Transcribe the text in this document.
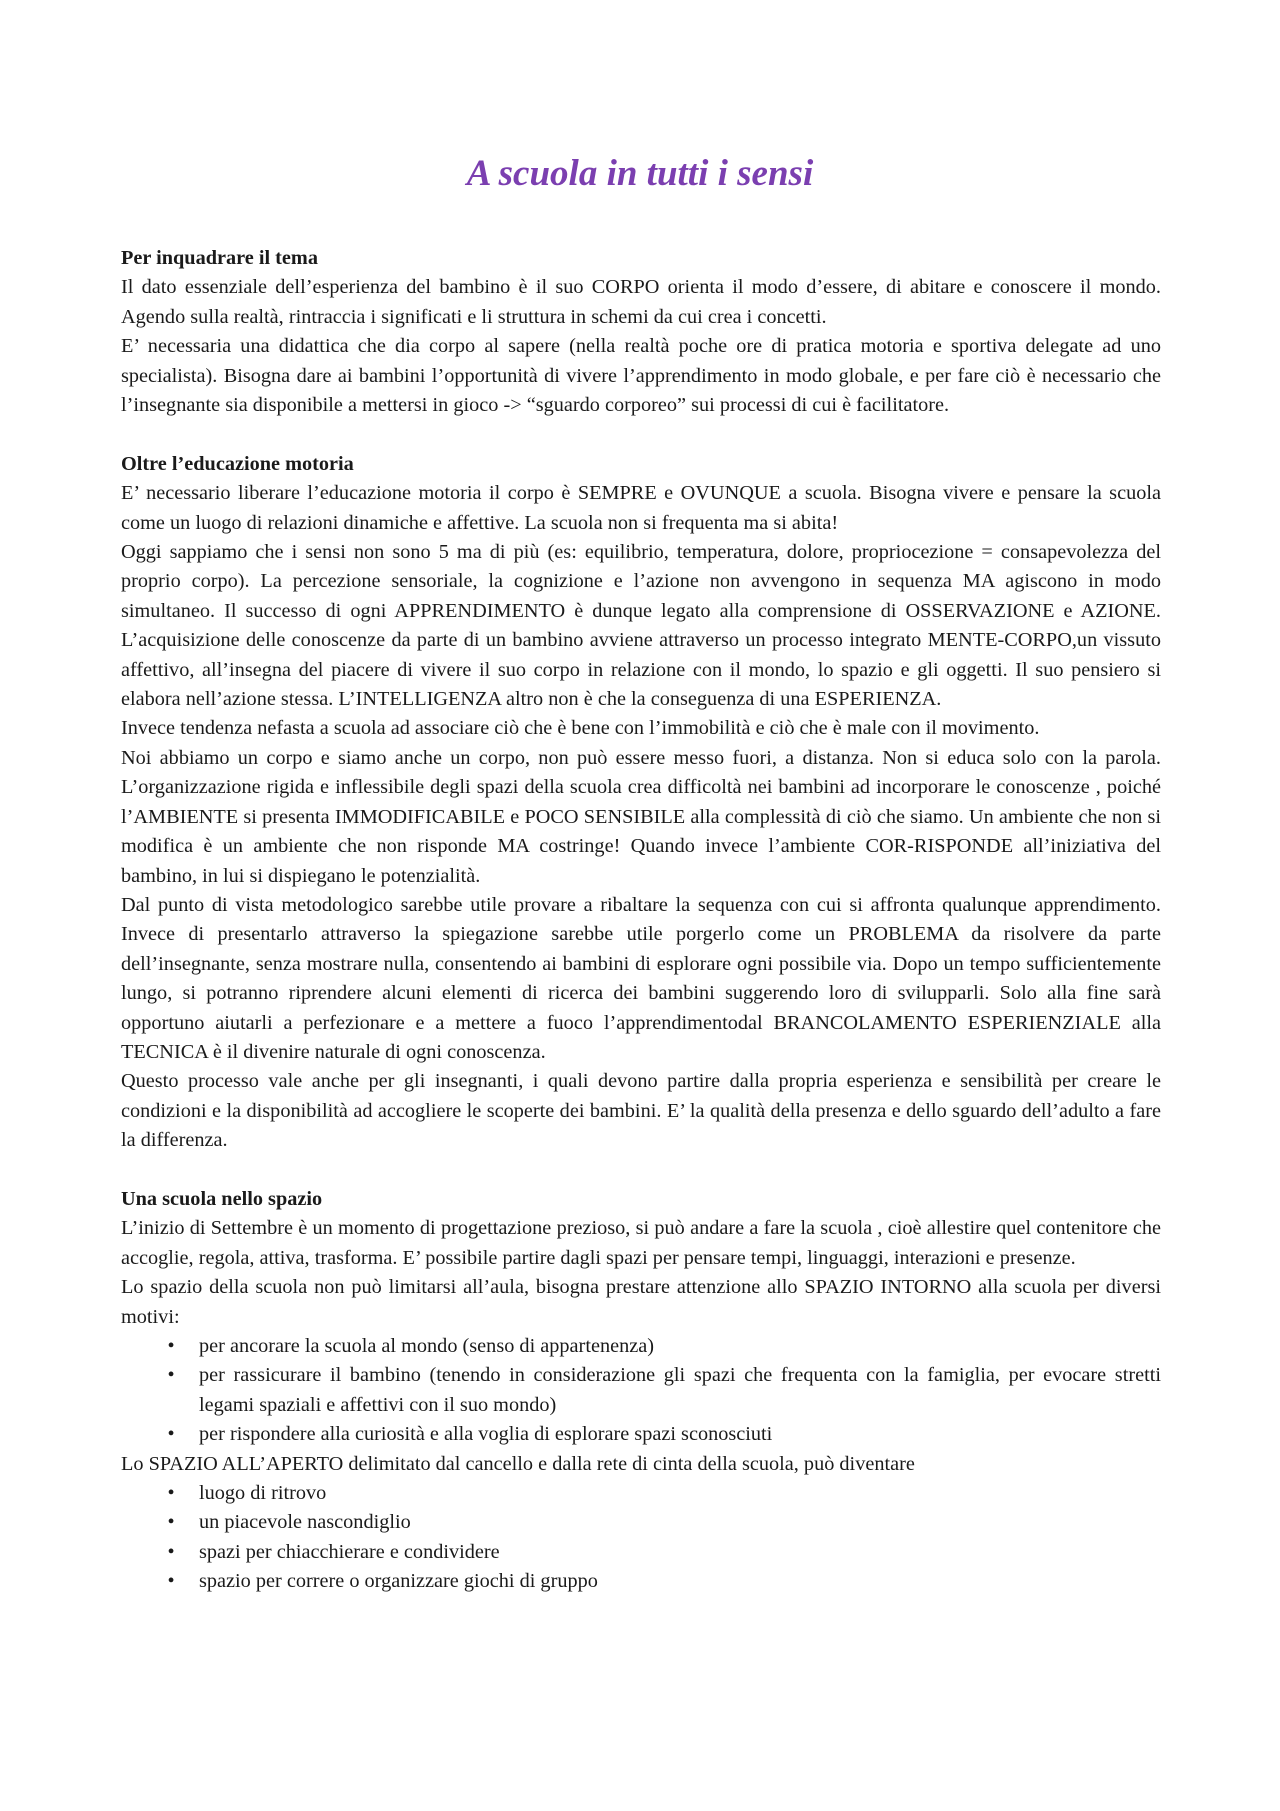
A scuola in tutti i sensi

Per inquadrare il tema

Il dato essenziale dell’esperienza del bambino è il suo CORPO orienta il modo d’essere, di abitare e conoscere il mondo. Agendo sulla realtà, rintraccia i significati e li struttura in schemi da cui crea i concetti.

E’ necessaria una didattica che dia corpo al sapere (nella realtà poche ore di pratica motoria e sportiva delegate ad uno specialista). Bisogna dare ai bambini l’opportunità di vivere l’apprendimento in modo globale, e per fare ciò è necessario che l’insegnante sia disponibile a mettersi in gioco -> “sguardo corporeo” sui processi di cui è facilitatore.

Oltre l’educazione motoria

E’ necessario liberare l’educazione motoria il corpo è SEMPRE e OVUNQUE a scuola. Bisogna vivere e pensare la scuola come un luogo di relazioni dinamiche e affettive. La scuola non si frequenta ma si abita!

Oggi sappiamo che i sensi non sono 5 ma di più (es: equilibrio, temperatura, dolore, propriocezione = consapevolezza del proprio corpo). La percezione sensoriale, la cognizione e l’azione non avvengono in sequenza MA agiscono in modo simultaneo. Il successo di ogni APPRENDIMENTO è dunque legato alla comprensione di OSSERVAZIONE e AZIONE. L’acquisizione delle conoscenze da parte di un bambino avviene attraverso un processo integrato MENTE-CORPO,un vissuto affettivo, all’insegna del piacere di vivere il suo corpo in relazione con il mondo, lo spazio e gli oggetti. Il suo pensiero si elabora nell’azione stessa. L’INTELLIGENZA altro non è che la conseguenza di una ESPERIENZA.

Invece tendenza nefasta a scuola ad associare ciò che è bene con l’immobilità e ciò che è male con il movimento.

Noi abbiamo un corpo e siamo anche un corpo, non può essere messo fuori, a distanza. Non si educa solo con la parola. L’organizzazione rigida e inflessibile degli spazi della scuola crea difficoltà nei bambini ad incorporare le conoscenze , poiché l’AMBIENTE si presenta IMMODIFICABILE e POCO SENSIBILE alla complessità di ciò che siamo. Un ambiente che non si modifica è un ambiente che non risponde MA costringe! Quando invece l’ambiente COR-RISPONDE all’iniziativa del bambino, in lui si dispiegano le potenzialità.

Dal punto di vista metodologico sarebbe utile provare a ribaltare la sequenza con cui si affronta qualunque apprendimento. Invece di presentarlo attraverso la spiegazione sarebbe utile porgerlo come un PROBLEMA da risolvere da parte dell’insegnante, senza mostrare nulla, consentendo ai bambini di esplorare ogni possibile via. Dopo un tempo sufficientemente lungo, si potranno riprendere alcuni elementi di ricerca dei bambini suggerendo loro di svilupparli. Solo alla fine sarà opportuno aiutarli a perfezionare e a mettere a fuoco l’apprendimentodal BRANCOLAMENTO ESPERIENZIALE alla TECNICA è il divenire naturale di ogni conoscenza.

Questo processo vale anche per gli insegnanti, i quali devono partire dalla propria esperienza e sensibilità per creare le condizioni e la disponibilità ad accogliere le scoperte dei bambini. E’ la qualità della presenza e dello sguardo dell’adulto a fare la differenza.

Una scuola nello spazio

L’inizio di Settembre è un momento di progettazione prezioso, si può andare a fare la scuola , cioè allestire quel contenitore che accoglie, regola, attiva, trasforma. E’ possibile partire dagli spazi per pensare tempi, linguaggi, interazioni e presenze.

Lo spazio della scuola non può limitarsi all’aula, bisogna prestare attenzione allo SPAZIO INTORNO alla scuola per diversi motivi:

•	per ancorare la scuola al mondo (senso di appartenenza)
•	per rassicurare il bambino (tenendo in considerazione gli spazi che frequenta con la famiglia, per evocare stretti legami spaziali e affettivi con il suo mondo)
•	per rispondere alla curiosità e alla voglia di esplorare spazi sconosciuti

Lo SPAZIO ALL’APERTO delimitato dal cancello e dalla rete di cinta della scuola, può diventare

•	luogo di ritrovo
•	un piacevole nascondiglio
•	spazi per chiacchierare e condividere
•	spazio per correre o organizzare giochi di gruppo
